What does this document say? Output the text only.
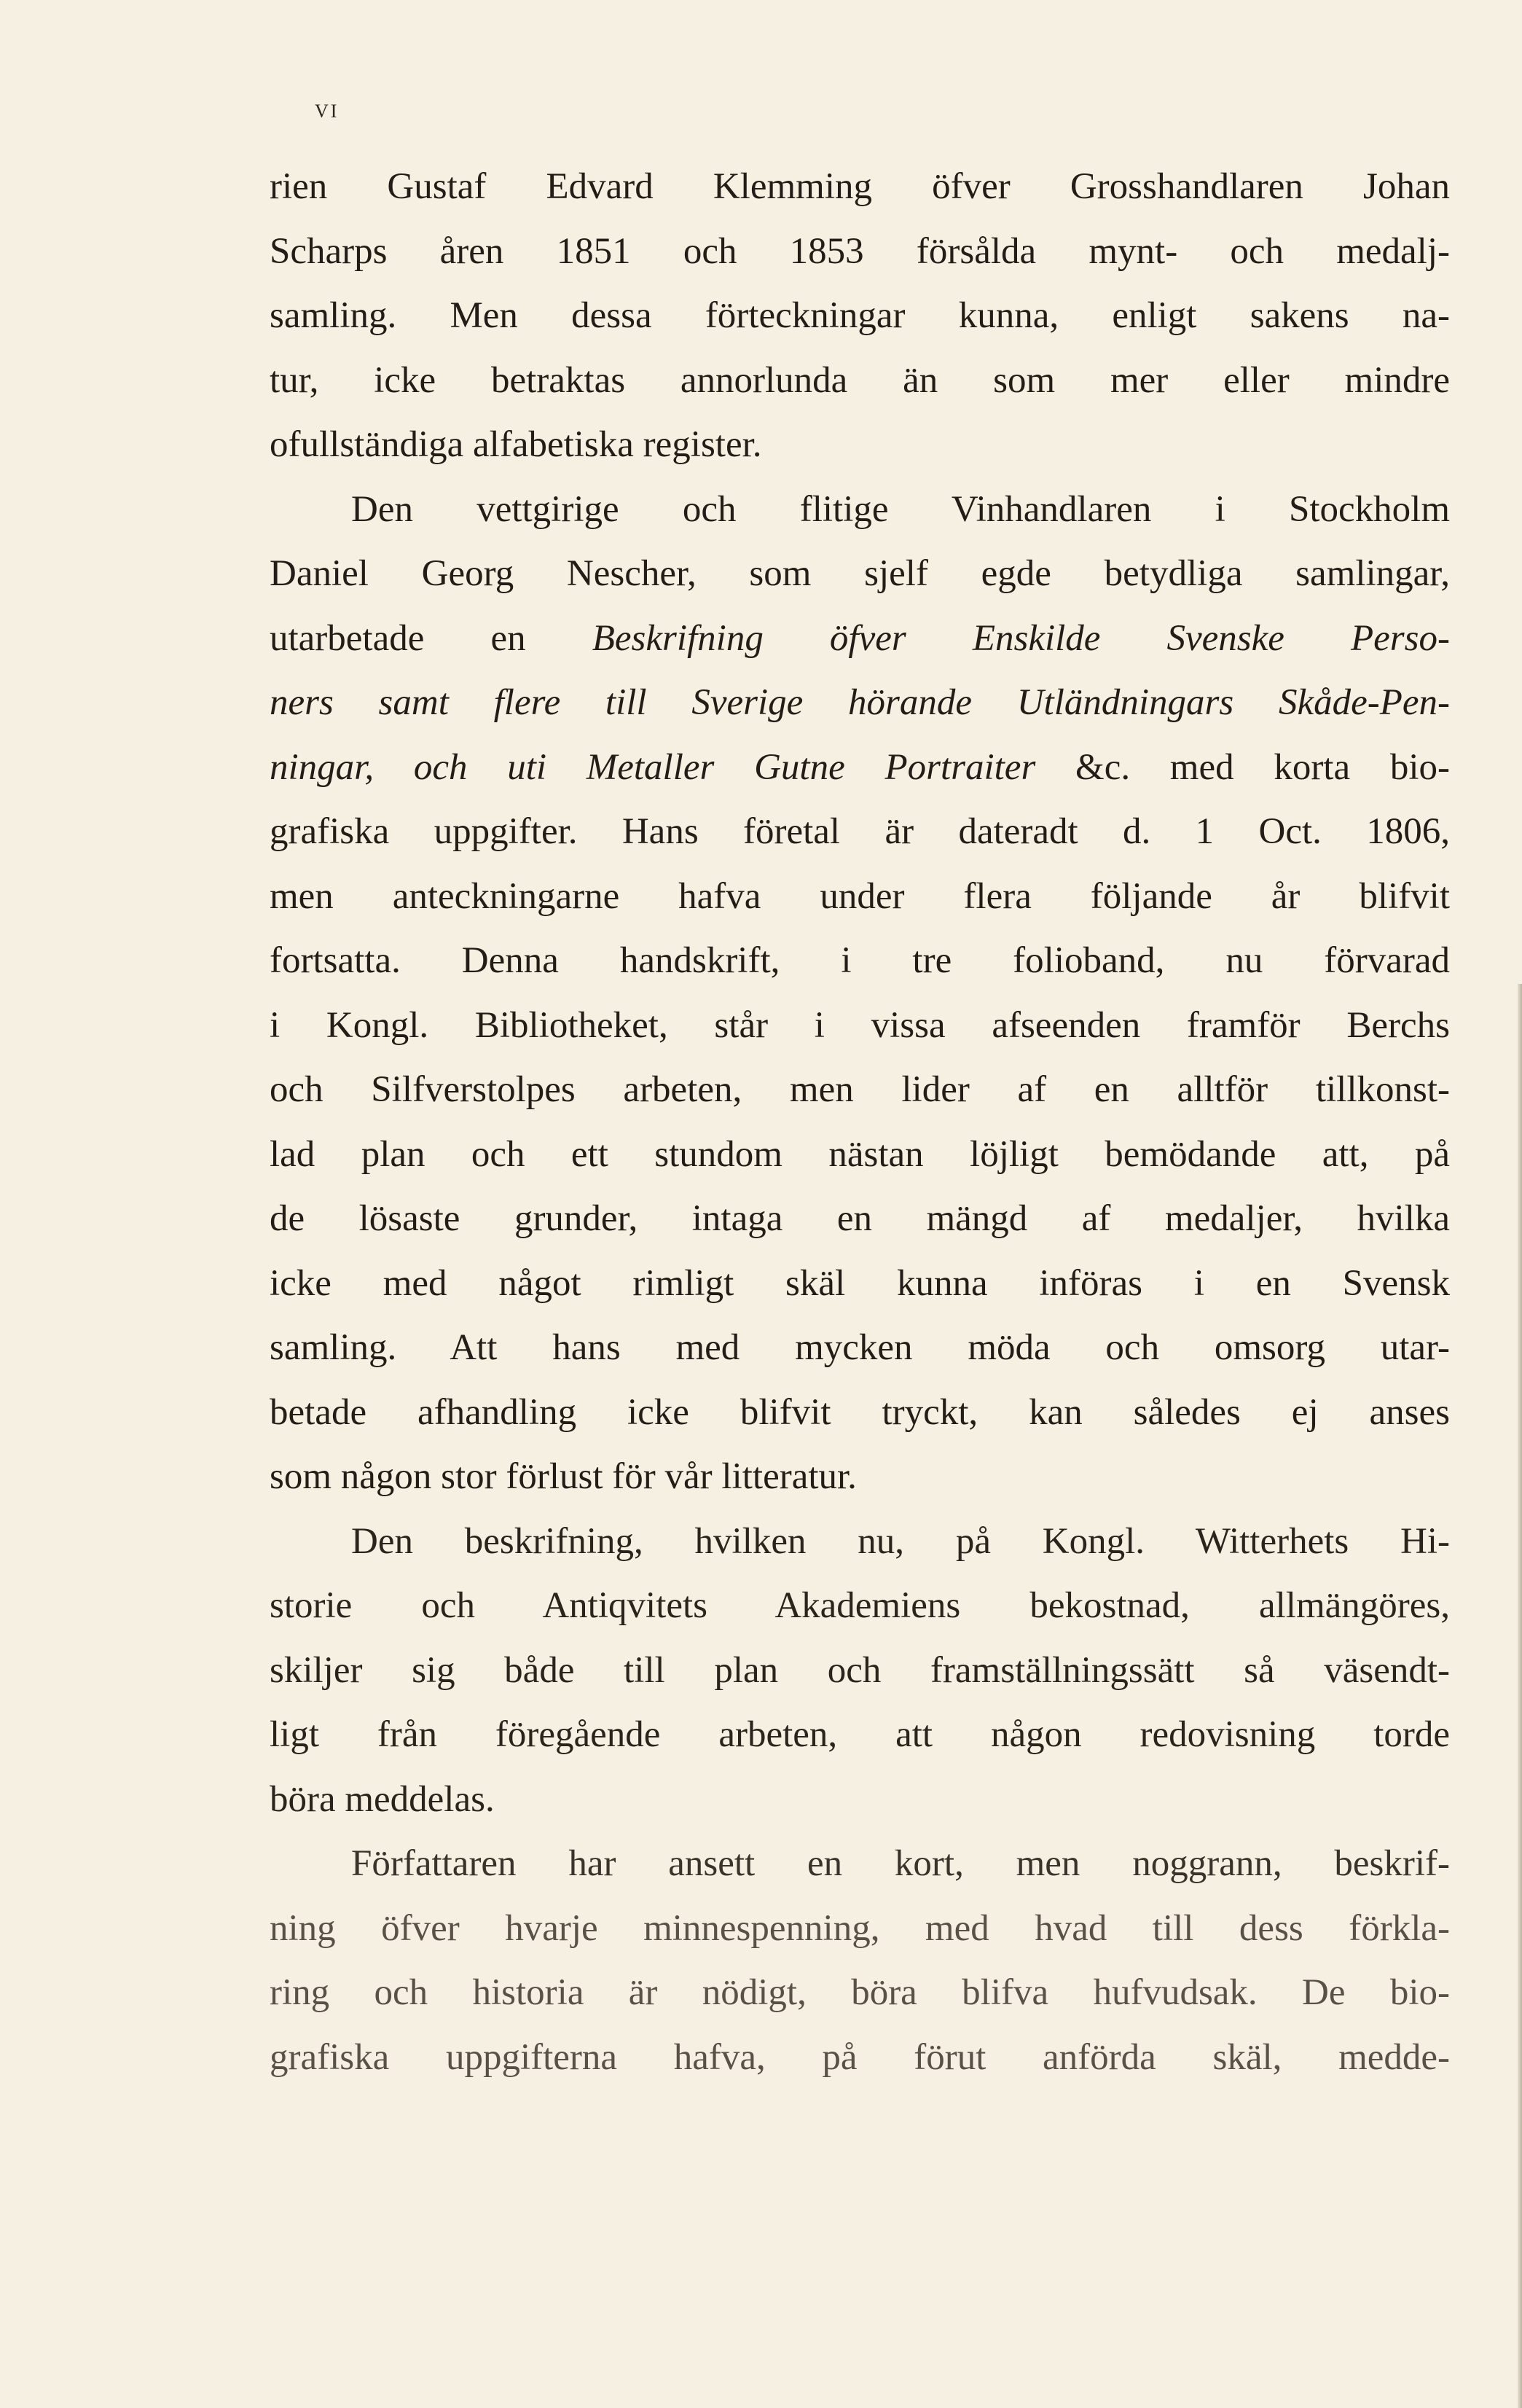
VI
rien Gustaf Edvard Klemming öfver Grosshandlaren Johan
Scharps åren 1851 och 1853 försålda mynt- och medalj-
samling. Men dessa förteckningar kunna, enligt sakens na-
tur, icke betraktas annorlunda än som mer eller mindre
ofullständiga alfabetiska register.
Den vettgirige och flitige Vinhandlaren i Stockholm
Daniel Georg Nescher, som sjelf egde betydliga samlingar,
utarbetade en Beskrifning öfver Enskilde Svenske Perso-
ners samt flere till Sverige hörande Utländningars Skåde-Pen-
ningar, och uti Metaller Gutne Portraiter &c. med korta bio-
grafiska uppgifter. Hans företal är dateradt d. 1 Oct. 1806,
men anteckningarne hafva under flera följande år blifvit
fortsatta. Denna handskrift, i tre folioband, nu förvarad
i Kongl. Bibliotheket, står i vissa afseenden framför Berchs
och Silfverstolpes arbeten, men lider af en alltför tillkonst-
lad plan och ett stundom nästan löjligt bemödande att, på
de lösaste grunder, intaga en mängd af medaljer, hvilka
icke med något rimligt skäl kunna införas i en Svensk
samling. Att hans med mycken möda och omsorg utar-
betade afhandling icke blifvit tryckt, kan således ej anses
som någon stor förlust för vår litteratur.
Den beskrifning, hvilken nu, på Kongl. Witterhets Hi-
storie och Antiqvitets Akademiens bekostnad, allmängöres,
skiljer sig både till plan och framställningssätt så väsendt-
ligt från föregående arbeten, att någon redovisning torde
böra meddelas.
Författaren har ansett en kort, men noggrann, beskrif-
ning öfver hvarje minnespenning, med hvad till dess förkla-
ring och historia är nödigt, böra blifva hufvudsak. De bio-
grafiska uppgifterna hafva, på förut anförda skäl, medde-
